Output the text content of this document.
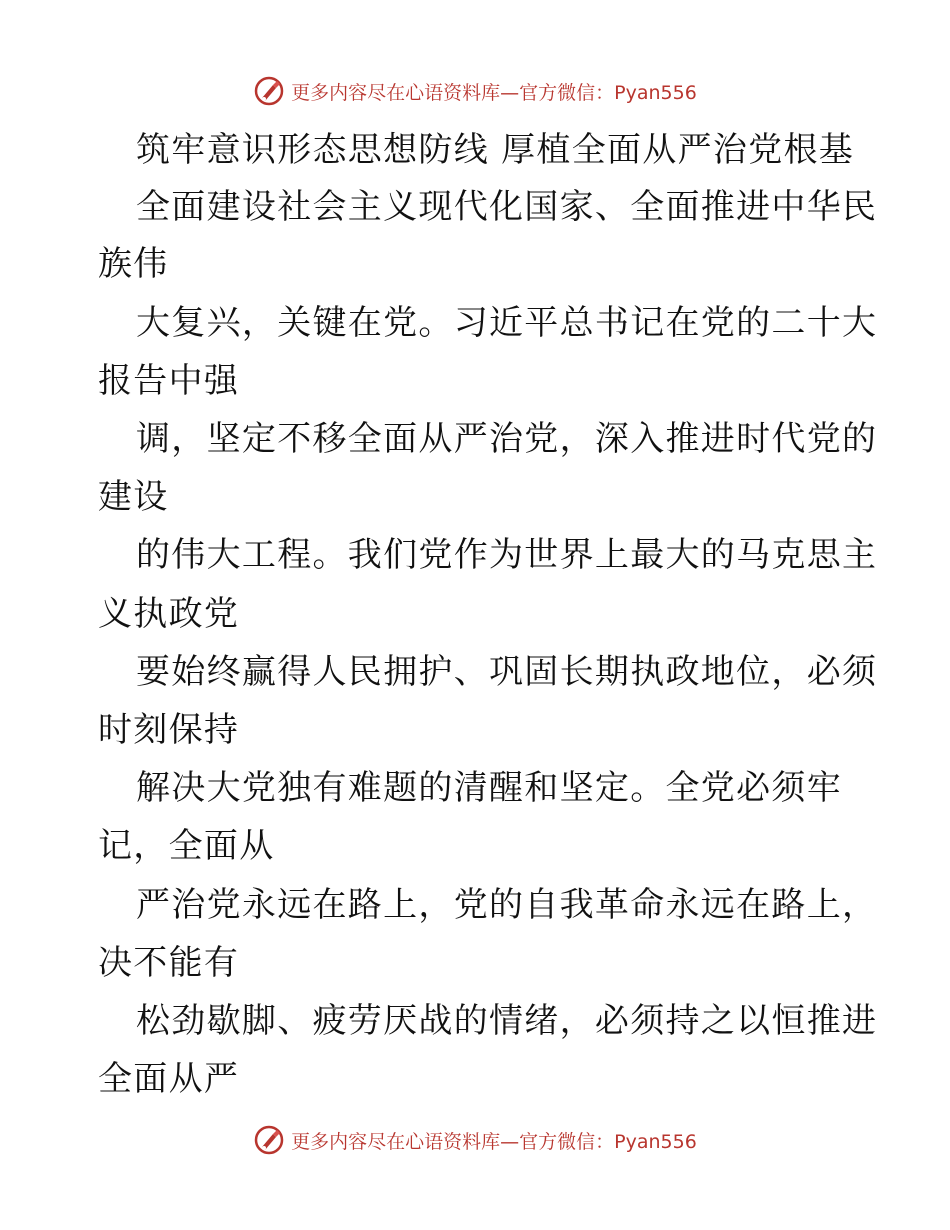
更多内容尽在心语资料库—官方微信：Pyan556
筑牢意识形态思想防线 厚植全面从严治党根基
全面建设社会主义现代化国家、全面推进中华民
族伟
大复兴，关键在党。习近平总书记在党的二十大
报告中强
调，坚定不移全面从严治党，深入推进时代党的
建设
的伟大工程。我们党作为世界上最大的马克思主
义执政党
要始终赢得人民拥护、巩固长期执政地位，必须
时刻保持
解决大党独有难题的清醒和坚定。全党必须牢
记，全面从
严治党永远在路上，党的自我革命永远在路上，
决不能有
松劲歇脚、疲劳厌战的情绪，必须持之以恒推进
全面从严
更多内容尽在心语资料库—官方微信：Pyan556
